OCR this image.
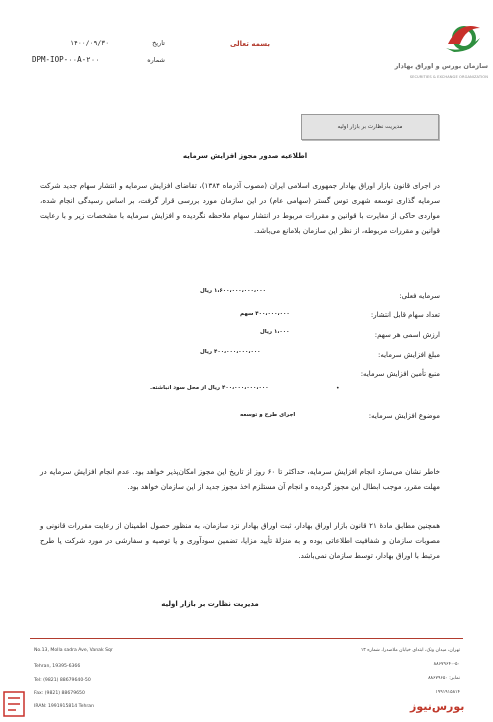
سازمان بورس و اوراق بهادار
SECURITIES & EXCHANGE ORGANIZATION
بسمه تعالی
تاریخ
۱۴۰۰/۰۹/۳۰
شماره
DPM-IOP-۰۰A-۲۰۰
مدیریت نظارت بر بازار اولیه
اطلاعیه صدور مجوز افزایش سرمایه
در اجرای قانون بازار اوراق بهادار جمهوری اسلامی ایران (مصوب آذرماه ۱۳۸۴)، تقاضای افزایش سرمایه و انتشار سهام جدید شرکت سرمایه گذاری توسعه شهری توس گستر (سهامی عام) در این سازمان مورد بررسی قرار گرفت، بر اساس رسیدگی انجام شده، مواردی حاکی از مغایرت با قوانین و مقررات مربوط در انتشار سهام ملاحظه نگردیده و افزایش سرمایه با مشخصات زیر و با رعایت قوانین و مقررات مربوطه، از نظر این سازمان بلامانع می‌باشد.
سرمایه فعلی:
۱،۶۰۰،۰۰۰،۰۰۰،۰۰۰ ریال
تعداد سهام قابل انتشار:
۴۰۰،۰۰۰،۰۰۰ سهم
ارزش اسمی هر سهم:
۱،۰۰۰ ریال
مبلغ افزایش سرمایه:
۴۰۰،۰۰۰،۰۰۰،۰۰۰ ریال
منبع تأمین افزایش سرمایه:
۴۰۰،۰۰۰،۰۰۰،۰۰۰ ریال از محل سود انباشته.	•
موضوع افزایش سرمایه:
اجرای طرح و توسعه
خاطر نشان می‌سازد انجام افزایش سرمایه، حداکثر تا ۶۰ روز از تاریخ این مجوز امکان‌پذیر خواهد بود. عدم انجام افزایش سرمایه در مهلت مقرر، موجب ابطال این مجوز گردیده و انجام آن مستلزم اخذ مجوز جدید از این سازمان خواهد بود.
همچنین مطابق مادهٔ ۲۱ قانون بازار اوراق بهادار، ثبت اوراق بهادار نزد سازمان، به منظور حصول اطمینان از رعایت مقررات قانونی و مصوبات سازمان و شفافیت اطلاعاتی بوده و به منزلهٔ تأیید مزایا، تضمین سودآوری و یا توصیه و سفارشی در مورد شرکت یا طرح مرتبط با اوراق بهادار، توسط سازمان نمی‌باشد.
مدیریت نظارت بر بازار اولیه
No.13, Molla sadra Ave, Vanak Sqr
Tehran, 19395-6366
Tel: (9821) 88679640-50
Fax: (9821) 88679650
IRAN: 1991915814 Tehran
تهران، میدان ونک، ابتدای خیابان ملاصدرا، شماره ۱۳
۸۸۶۷۹۶۴۰-۵۰
نمابر: ۸۸۶۷۹۶۵۰
۱۹۹۱۹۱۵۸۱۴
بورس‌نیوز
